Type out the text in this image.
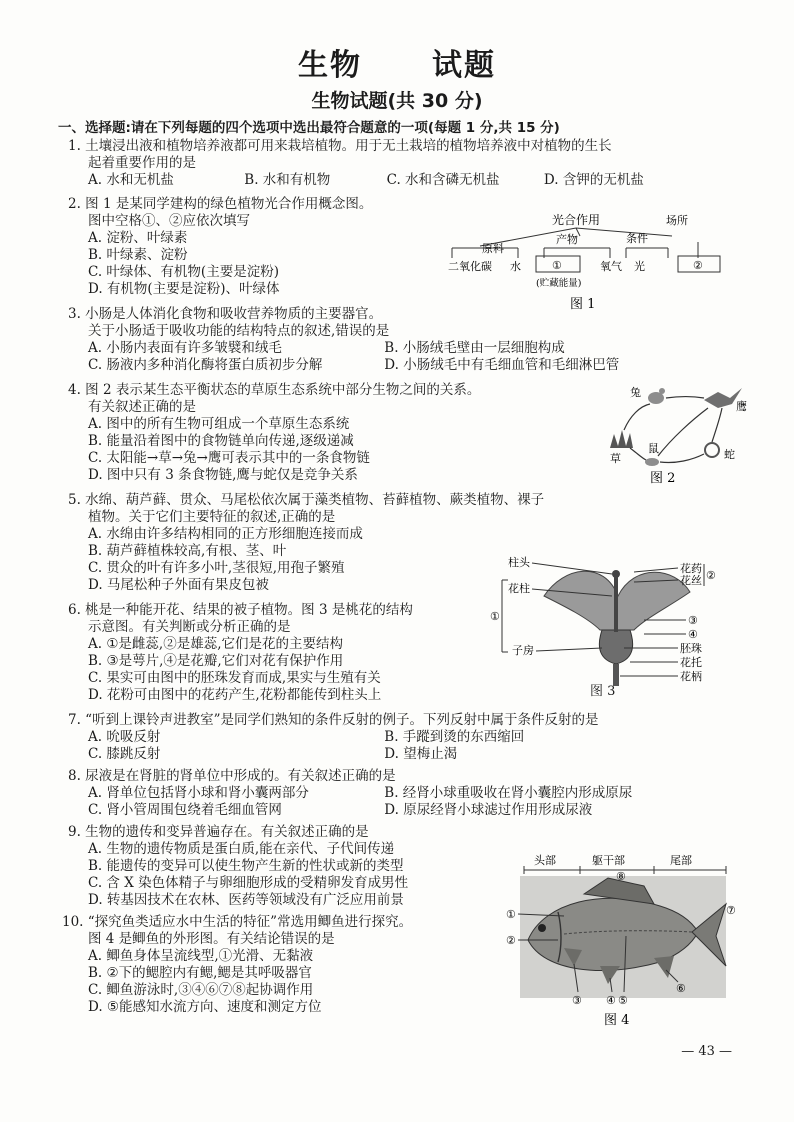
生物 试题
生物试题(共 30 分)
一、选择题:请在下列每题的四个选项中选出最符合题意的一项(每题 1 分,共 15 分)
1. 土壤浸出液和植物培养液都可用来栽培植物。用于无土栽培的植物培养液中对植物的生长
起着重要作用的是
A. 水和无机盐	B. 水和有机物	C. 水和含磷无机盐	D. 含钾的无机盐
2. 图 1 是某同学建构的绿色植物光合作用概念图。
图中空格①、②应依次填写
A. 淀粉、叶绿素
B. 叶绿素、淀粉
C. 叶绿体、有机物(主要是淀粉)
D. 有机物(主要是淀粉)、叶绿体
光合作用
原料
产物	条件
场所
二氧化碳 水	①
(贮藏能量)
氧气 光	②
图 1
3. 小肠是人体消化食物和吸收营养物质的主要器官。
关于小肠适于吸收功能的结构特点的叙述,错误的是
A. 小肠内表面有许多皱襞和绒毛	B. 小肠绒毛壁由一层细胞构成
C. 肠液内多种消化酶将蛋白质初步分解	D. 小肠绒毛中有毛细血管和毛细淋巴管
4. 图 2 表示某生态平衡状态的草原生态系统中部分生物之间的关系。
有关叙述正确的是
A. 图中的所有生物可组成一个草原生态系统
B. 能量沿着图中的食物链单向传递,逐级递减
C. 太阳能→草→兔→鹰可表示其中的一条食物链
D. 图中只有 3 条食物链,鹰与蛇仅是竞争关系
兔
鹰
草
鼠	蛇
图 2
5. 水绵、葫芦藓、贯众、马尾松依次属于藻类植物、苔藓植物、蕨类植物、裸子
植物。关于它们主要特征的叙述,正确的是
A. 水绵由许多结构相同的正方形细胞连接而成
B. 葫芦藓植株较高,有根、茎、叶
C. 贯众的叶有许多小叶,茎很短,用孢子繁殖
D. 马尾松种子外面有果皮包被
6. 桃是一种能开花、结果的被子植物。图 3 是桃花的结构
示意图。有关判断或分析正确的是
A. ①是雌蕊,②是雄蕊,它们是花的主要结构
B. ③是萼片,④是花瓣,它们对花有保护作用
C. 果实可由图中的胚珠发育而成,果实与生殖有关
D. 花粉可由图中的花药产生,花粉都能传到柱头上
柱头
花柱
①
子房
花药
花丝 ②
③
④
胚珠
花托
花柄
图 3
7. “听到上课铃声进教室”是同学们熟知的条件反射的例子。下列反射中属于条件反射的是
A. 吮吸反射	B. 手蹤到烫的东西缩回
C. 膝跳反射	D. 望梅止渴
8. 尿液是在肾脏的肾单位中形成的。有关叙述正确的是
A. 肾单位包括肾小球和肾小囊两部分	B. 经肾小球重吸收在肾小囊腔内形成原尿
C. 肾小管周围包绕着毛细血管网	D. 原尿经肾小球滤过作用形成尿液
9. 生物的遗传和变异普遍存在。有关叙述正确的是
A. 生物的遗传物质是蛋白质,能在亲代、子代间传递
B. 能遗传的变异可以使生物产生新的性状或新的类型
C. 含 X 染色体精子与卵细胞形成的受精卵发育成男性
D. 转基因技术在农林、医药等领域没有广泛应用前景
10. “探究鱼类适应水中生活的特征”常选用鲫鱼进行探究。
图 4 是鲫鱼的外形图。有关结论错误的是
A. 鲫鱼身体呈流线型,①光滑、无黏液
B. ②下的鳃腔内有鳃,鳃是其呼吸器官
C. 鲫鱼游泳时,③④⑥⑦⑧起协调作用
D. ⑤能感知水流方向、速度和测定方位
头部	躯干部	尾部
⑧
①
②
⑦
③ ④ ⑤
⑥
图 4
— 43 —
